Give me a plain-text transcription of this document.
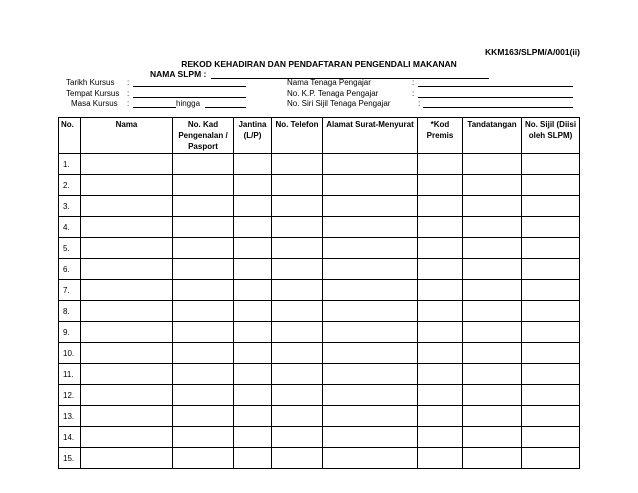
KKM163/SLPM/A/001(ii)
REKOD KEHADIRAN DAN PENDAFTARAN PENGENDALI MAKANAN
NAMA SLPM :
Tarikh Kursus :
Tempat Kursus :
Masa Kursus :	hingga
Nama Tenaga Pengajar	:
No. K.P. Tenaga Pengajar	:
No. Siri Sijil Tenaga Pengajar	:
No.	Nama	No. Kad Pengenalan / Pasport	Jantina (L/P)	No. Telefon	Alamat Surat-Menyurat	*Kod Premis	Tandatangan	No. Sijil (Diisi oleh SLPM)
1.								
2.								
3.								
4.								
5.								
6.								
7.								
8.								
9.								
10.								
11.								
12.								
13.								
14.								
15.								
